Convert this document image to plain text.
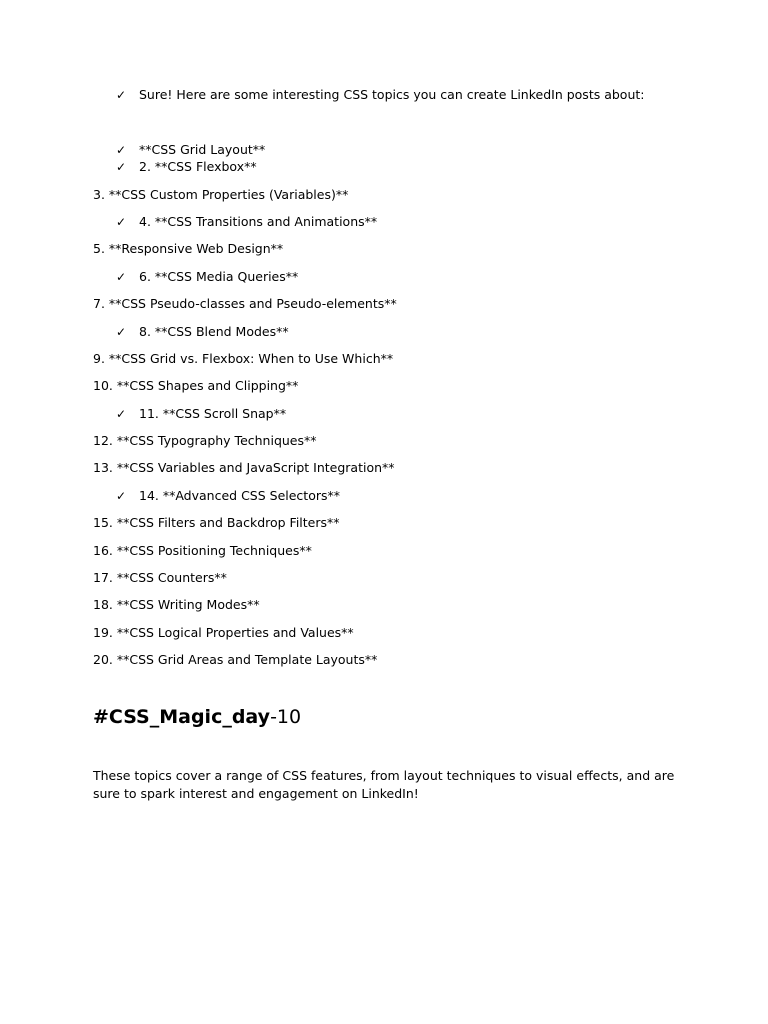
✓ Sure! Here are some interesting CSS topics you can create LinkedIn posts about:
✓ **CSS Grid Layout**
✓ 2. **CSS Flexbox**
3. **CSS Custom Properties (Variables)**
✓ 4. **CSS Transitions and Animations**
5. **Responsive Web Design**
✓ 6. **CSS Media Queries**
7. **CSS Pseudo-classes and Pseudo-elements**
✓ 8. **CSS Blend Modes**
9. **CSS Grid vs. Flexbox: When to Use Which**
10. **CSS Shapes and Clipping**
✓ 11. **CSS Scroll Snap**
12. **CSS Typography Techniques**
13. **CSS Variables and JavaScript Integration**
✓ 14. **Advanced CSS Selectors**
15. **CSS Filters and Backdrop Filters**
16. **CSS Positioning Techniques**
17. **CSS Counters**
18. **CSS Writing Modes**
19. **CSS Logical Properties and Values**
20. **CSS Grid Areas and Template Layouts**
#CSS_Magic_day-10
These topics cover a range of CSS features, from layout techniques to visual effects, and are sure to spark interest and engagement on LinkedIn!
